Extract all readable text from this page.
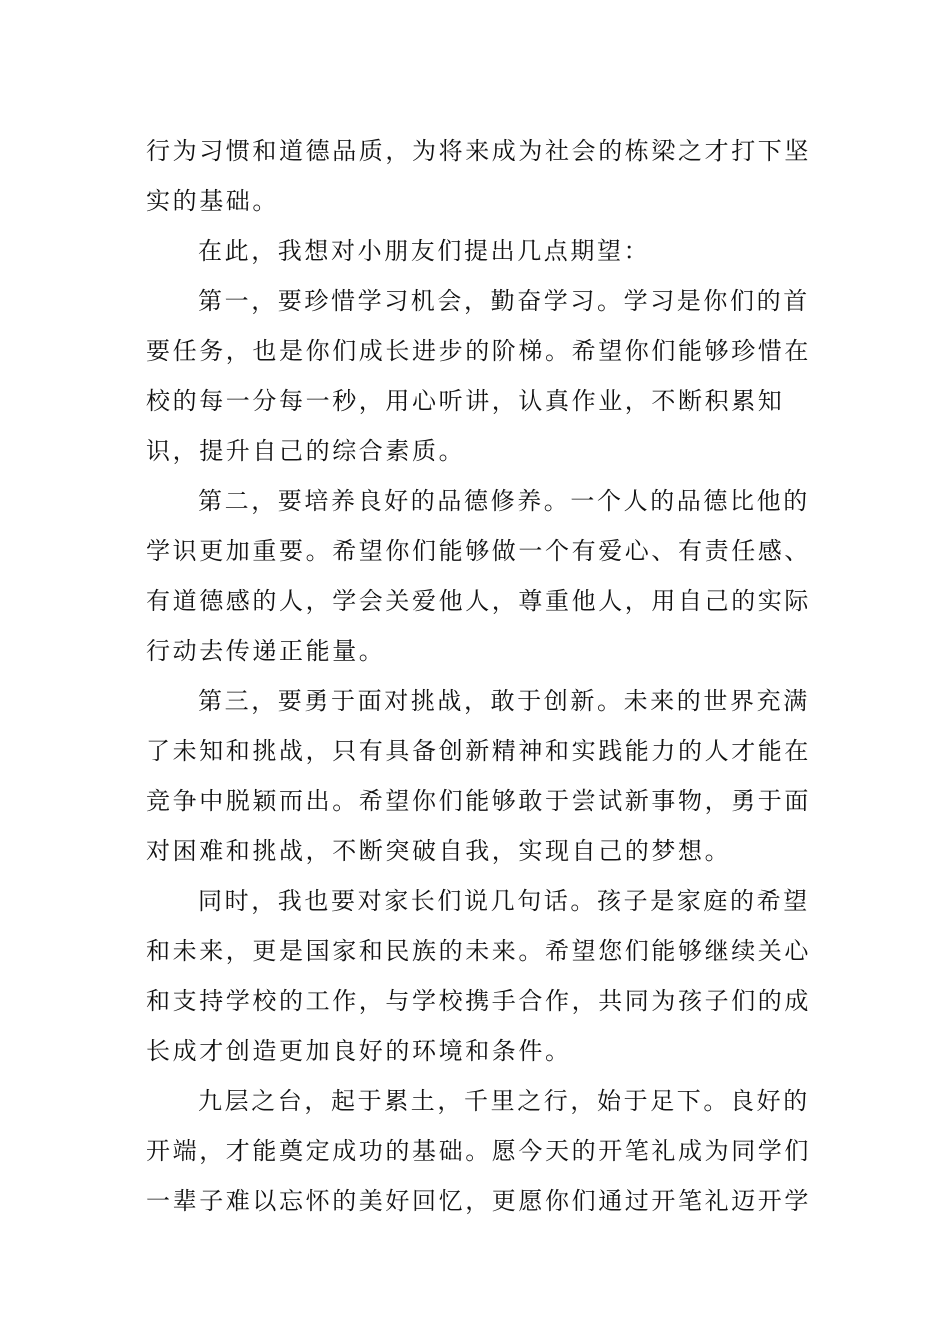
行为习惯和道德品质，为将来成为社会的栋梁之才打下坚
实的基础。
在此，我想对小朋友们提出几点期望：
第一，要珍惜学习机会，勤奋学习。学习是你们的首
要任务，也是你们成长进步的阶梯。希望你们能够珍惜在
校的每一分每一秒，用心听讲，认真作业，不断积累知
识，提升自己的综合素质。
第二，要培养良好的品德修养。一个人的品德比他的
学识更加重要。希望你们能够做一个有爱心、有责任感、
有道德感的人，学会关爱他人，尊重他人，用自己的实际
行动去传递正能量。
第三，要勇于面对挑战，敢于创新。未来的世界充满
了未知和挑战，只有具备创新精神和实践能力的人才能在
竞争中脱颖而出。希望你们能够敢于尝试新事物，勇于面
对困难和挑战，不断突破自我，实现自己的梦想。
同时，我也要对家长们说几句话。孩子是家庭的希望
和未来，更是国家和民族的未来。希望您们能够继续关心
和支持学校的工作，与学校携手合作，共同为孩子们的成
长成才创造更加良好的环境和条件。
九层之台，起于累土，千里之行，始于足下。良好的
开端，才能奠定成功的基础。愿今天的开笔礼成为同学们
一辈子难以忘怀的美好回忆，更愿你们通过开笔礼迈开学
